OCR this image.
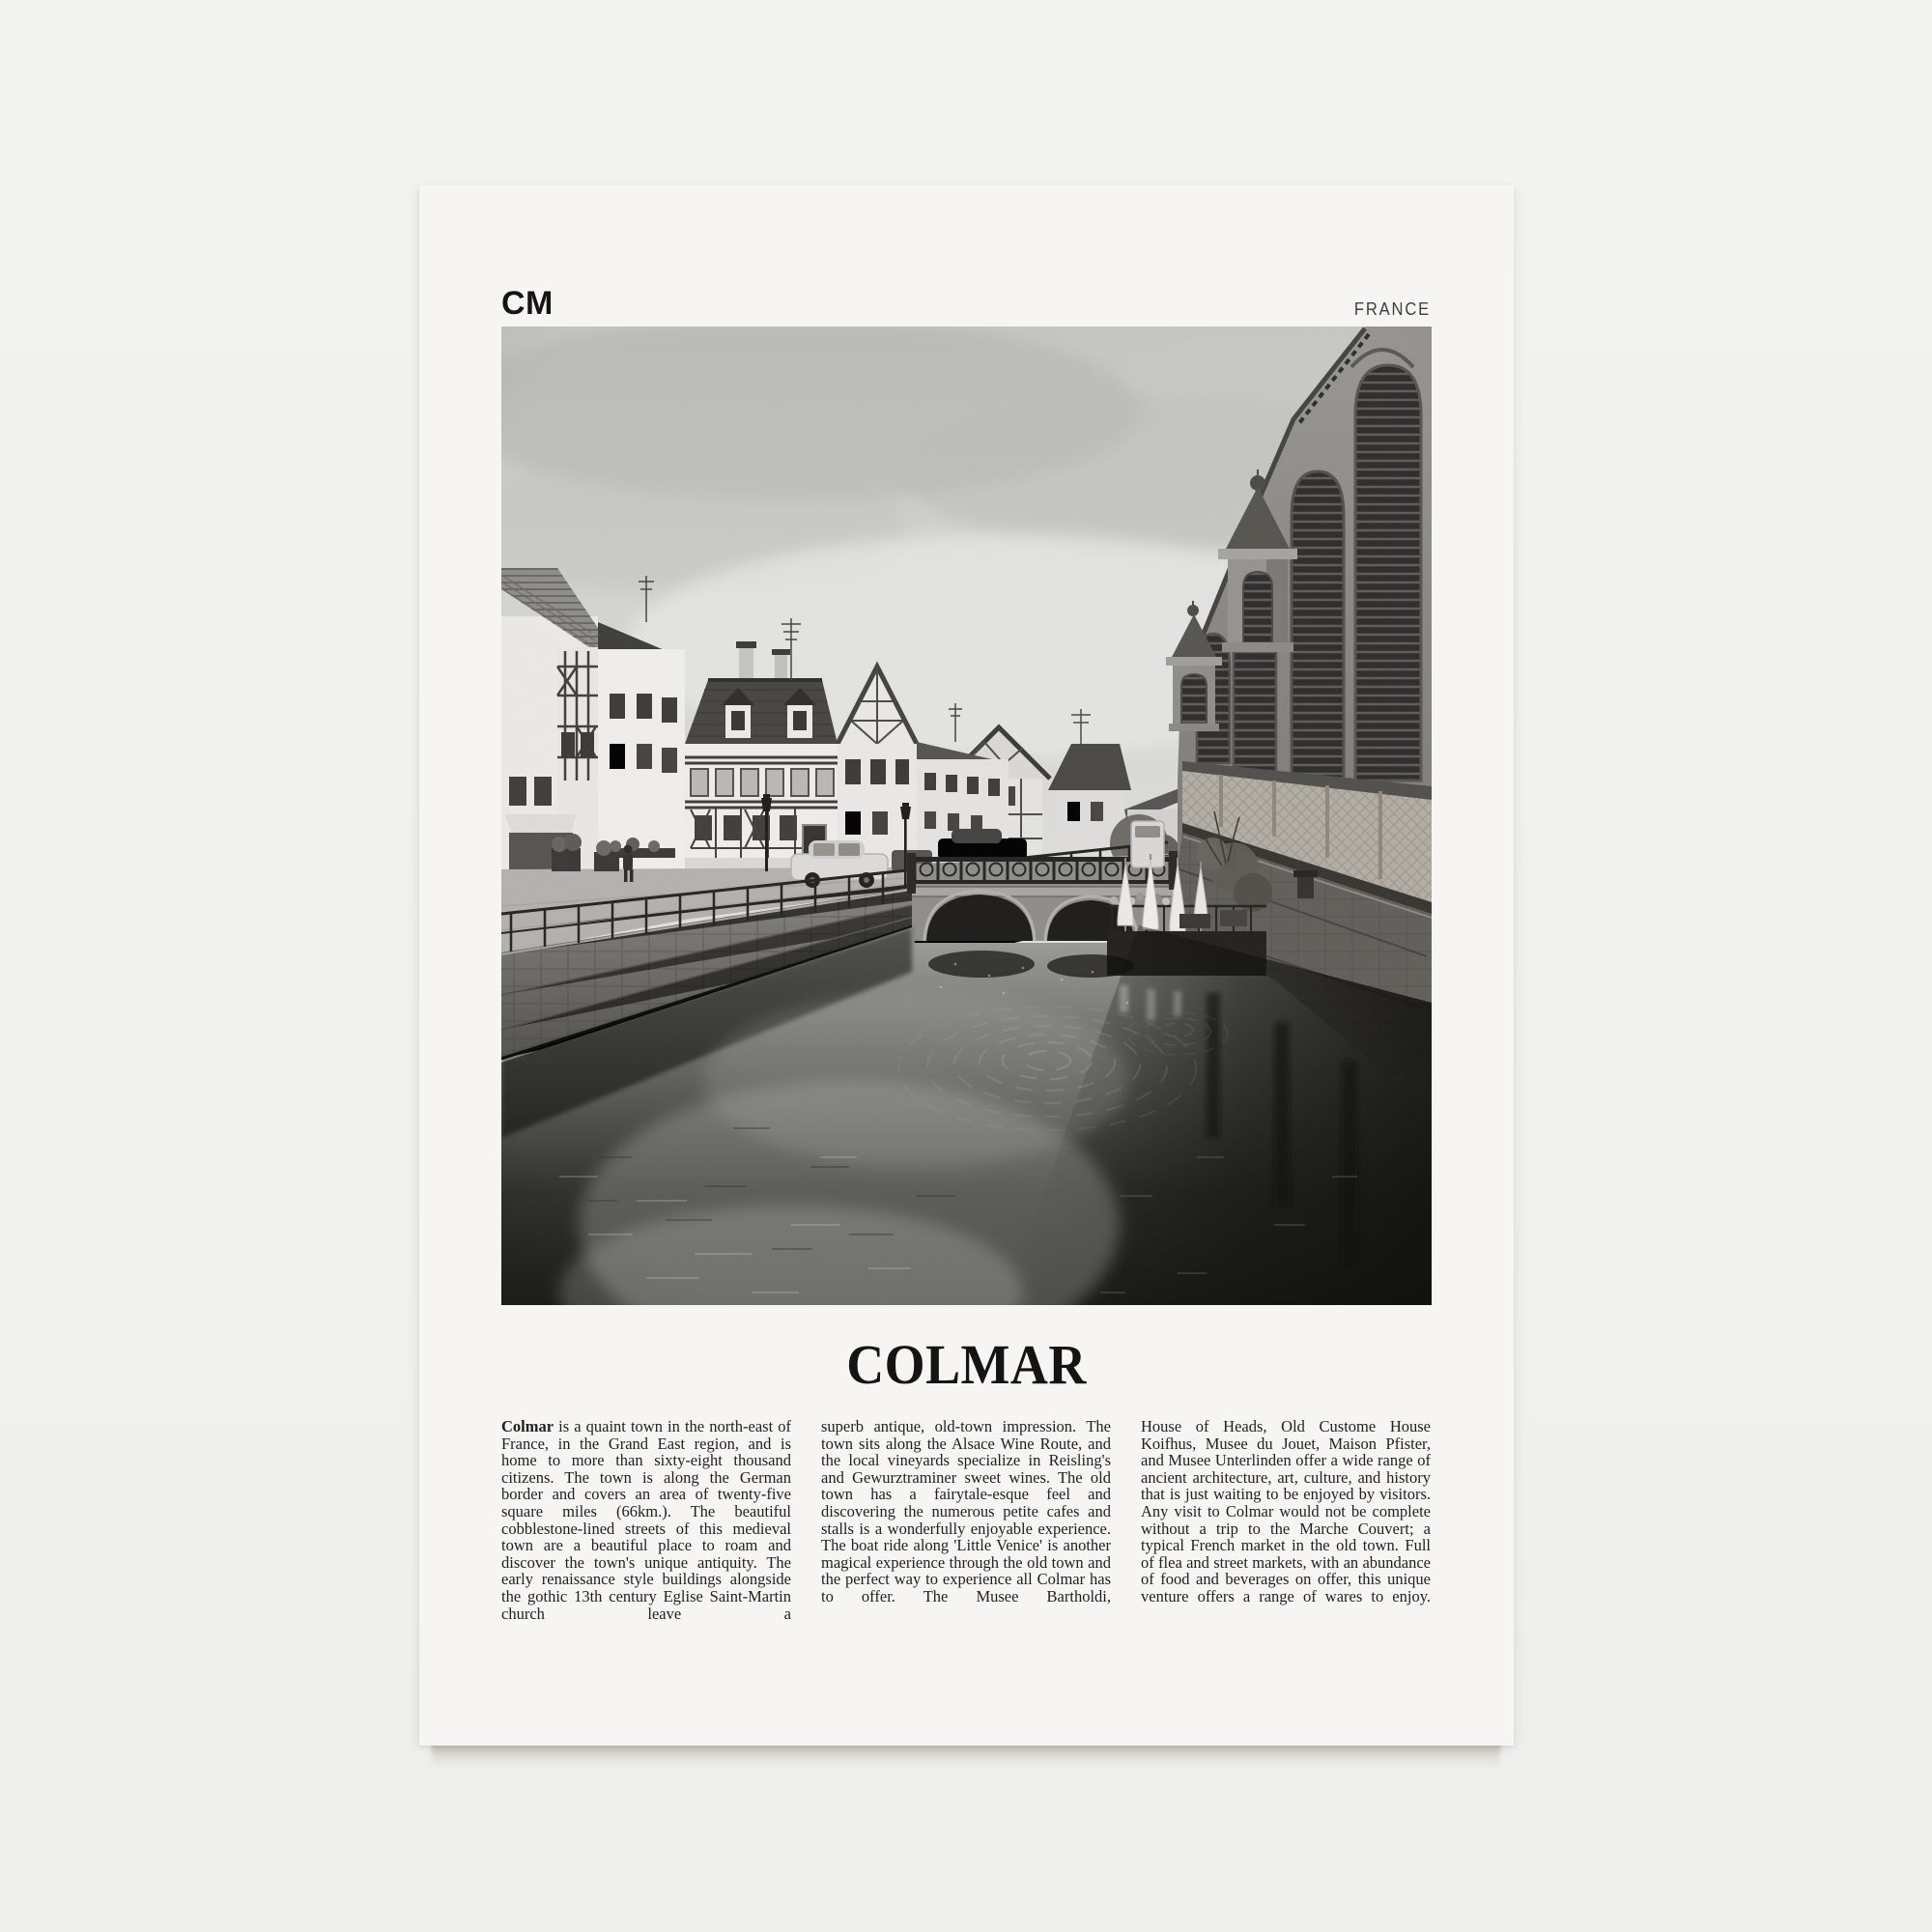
CM	FRANCE
COLMAR

Colmar is a quaint town in the north-east of France, in the Grand East region, and is home to more than sixty-eight thousand citizens. The town is along the German border and covers an area of twenty-five square miles (66km.). The beautiful cobblestone-lined streets of this medieval town are a beautiful place to roam and discover the town's unique antiquity. The early renaissance style buildings alongside the gothic 13th century Eglise Saint-Martin church leave a

superb antique, old-town impression. The town sits along the Alsace Wine Route, and the local vineyards specialize in Reisling's and Gewurztraminer sweet wines. The old town has a fairytale-esque feel and discovering the numerous petite cafes and stalls is a wonderfully enjoyable experience. The boat ride along 'Little Venice' is another magical experience through the old town and the perfect way to experience all Colmar has to offer. The Musee Bartholdi,

House of Heads, Old Custome House Koifhus, Musee du Jouet, Maison Pfister, and Musee Unterlinden offer a wide range of ancient architecture, art, culture, and history that is just waiting to be enjoyed by visitors. Any visit to Colmar would not be complete without a trip to the Marche Couvert; a typical French market in the old town. Full of flea and street markets, with an abundance of food and beverages on offer, this unique venture offers a range of wares to enjoy.
